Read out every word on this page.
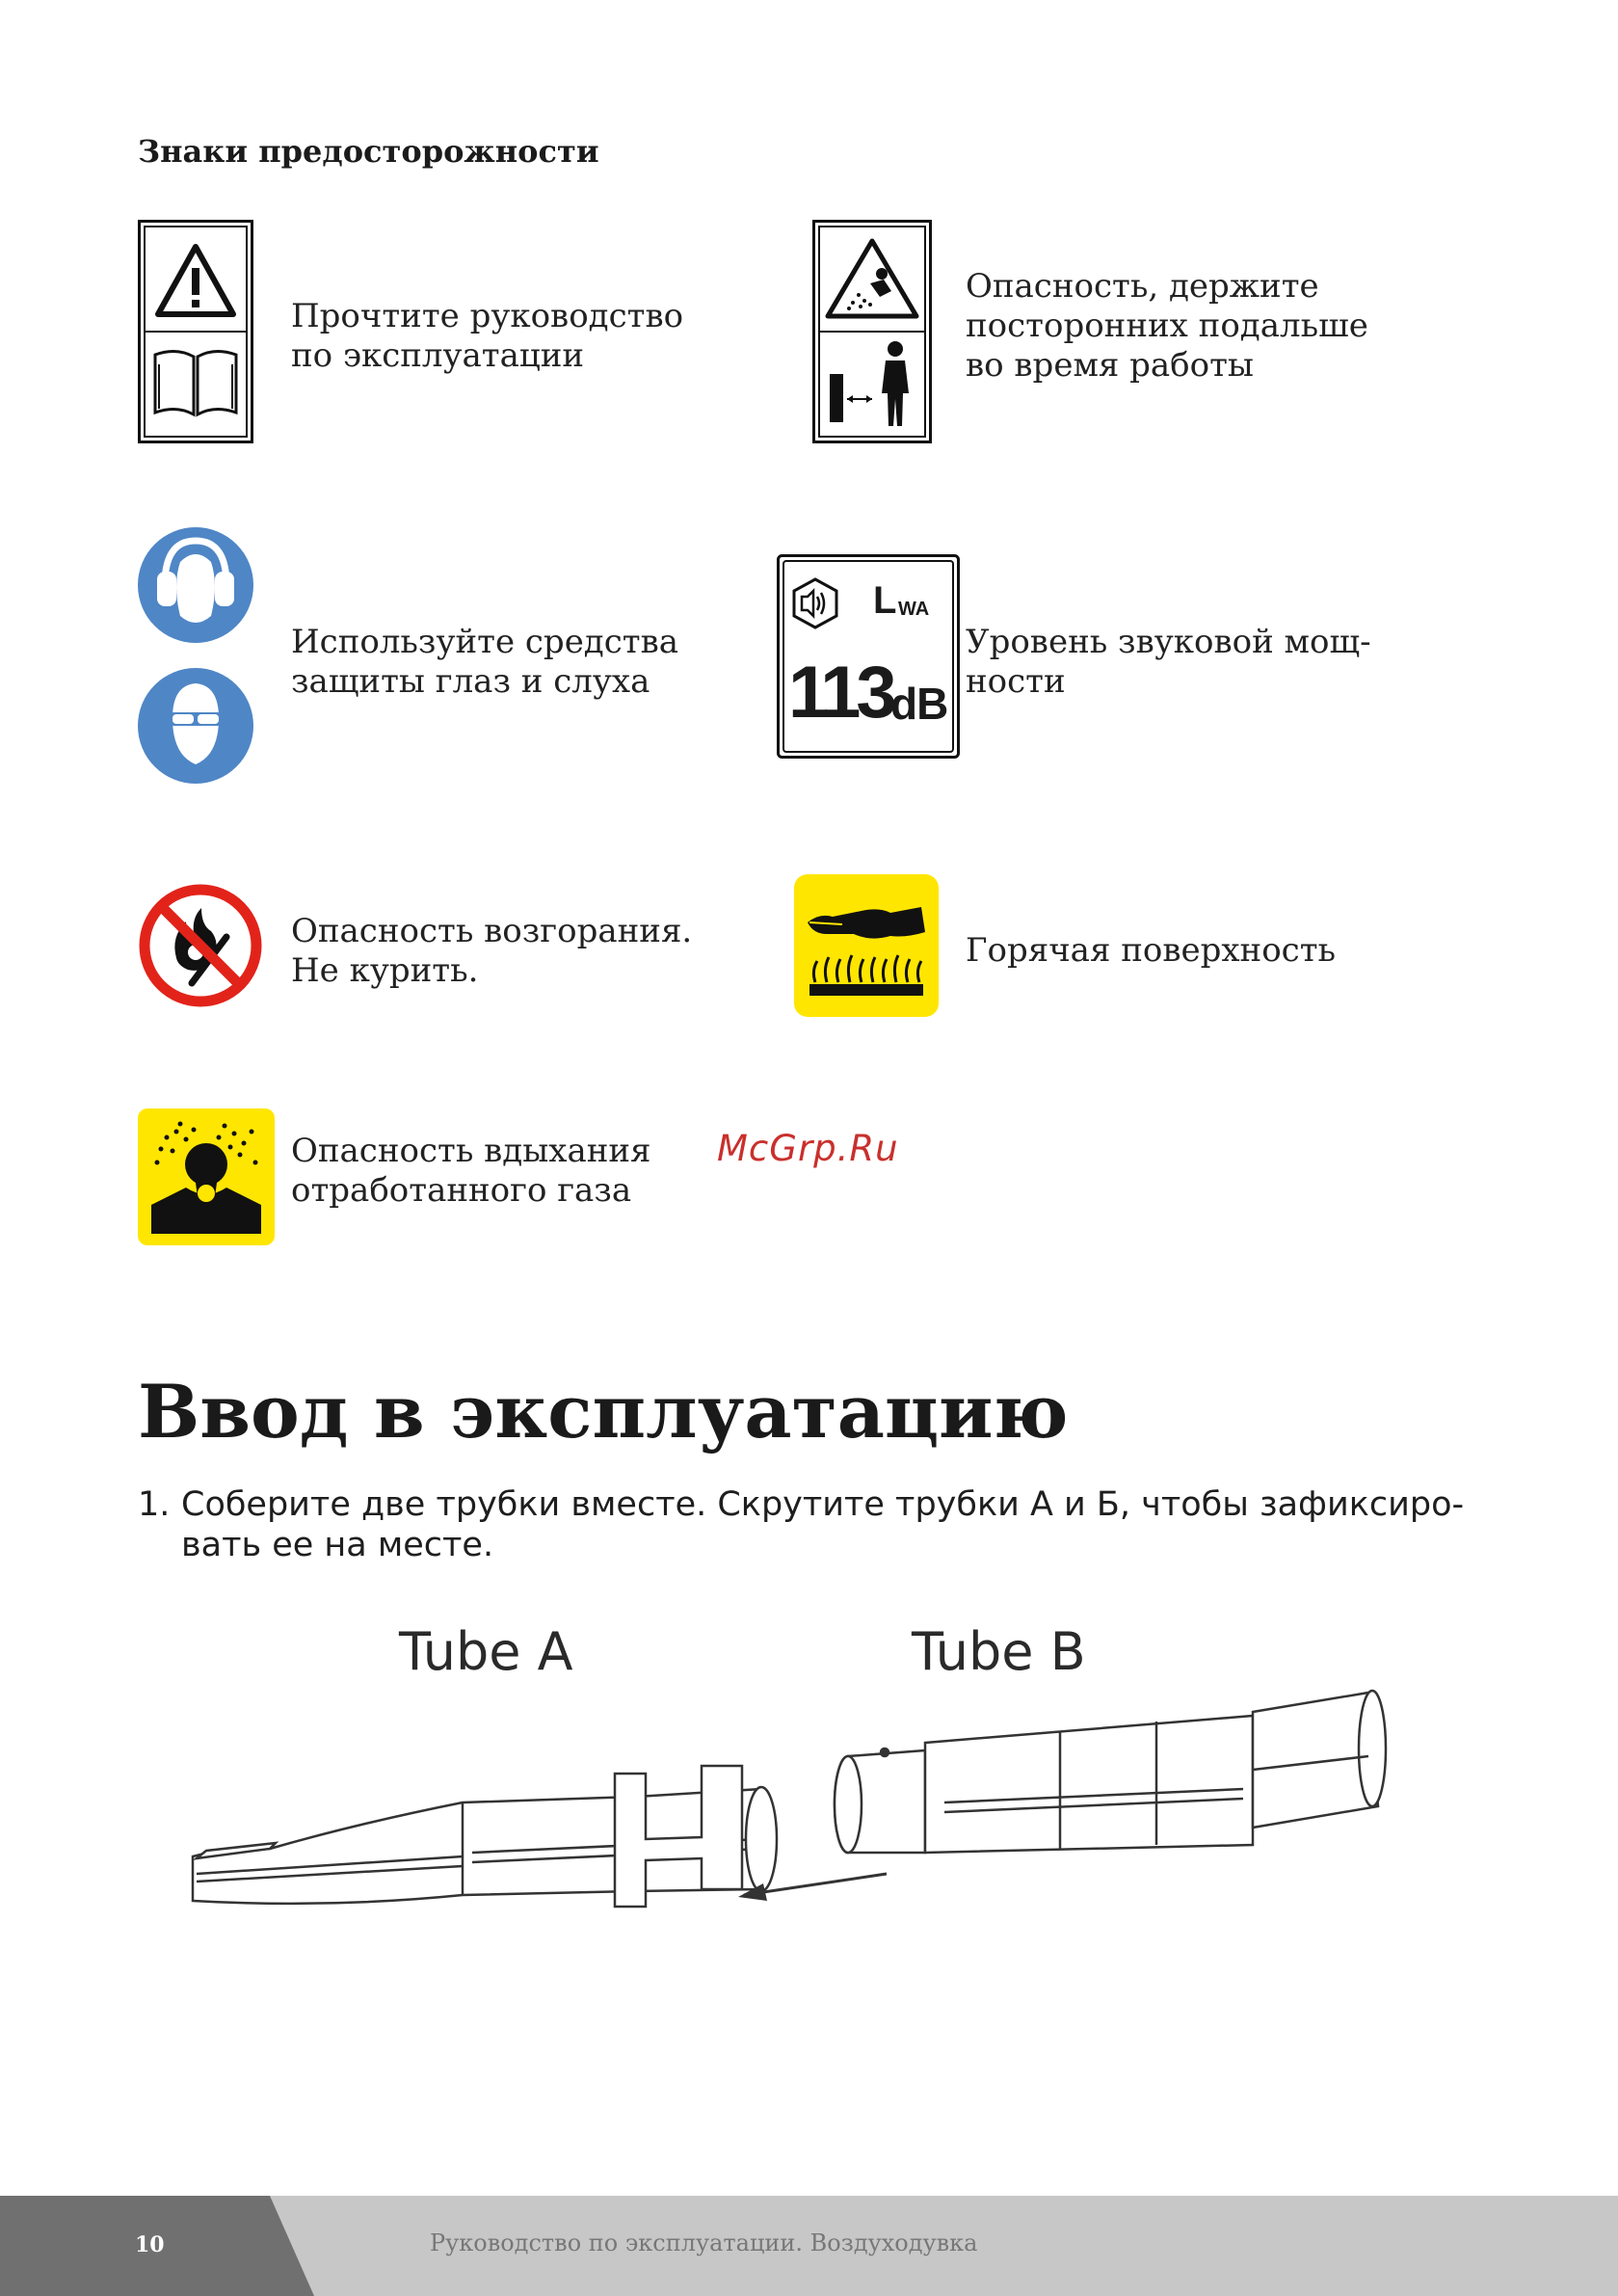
Знаки предосторожности
Прочтите руководство
по эксплуатации
Опасность, держите
посторонних подальше
во время работы
Используйте средства
защиты глаз и слуха
L WA
113
dB
Уровень звуковой мощ-
ности
Опасность возгорания.
Не курить.
Горячая поверхность
Опасность вдыхания
отработанного газа
McGrp.Ru
Ввод в эксплуатацию
1. Соберите две трубки вместе. Скрутите трубки А и Б, чтобы зафиксиро-
вать ее на месте.
Tube A	Tube B
10	Руководство по эксплуатации. Воздуходувка
